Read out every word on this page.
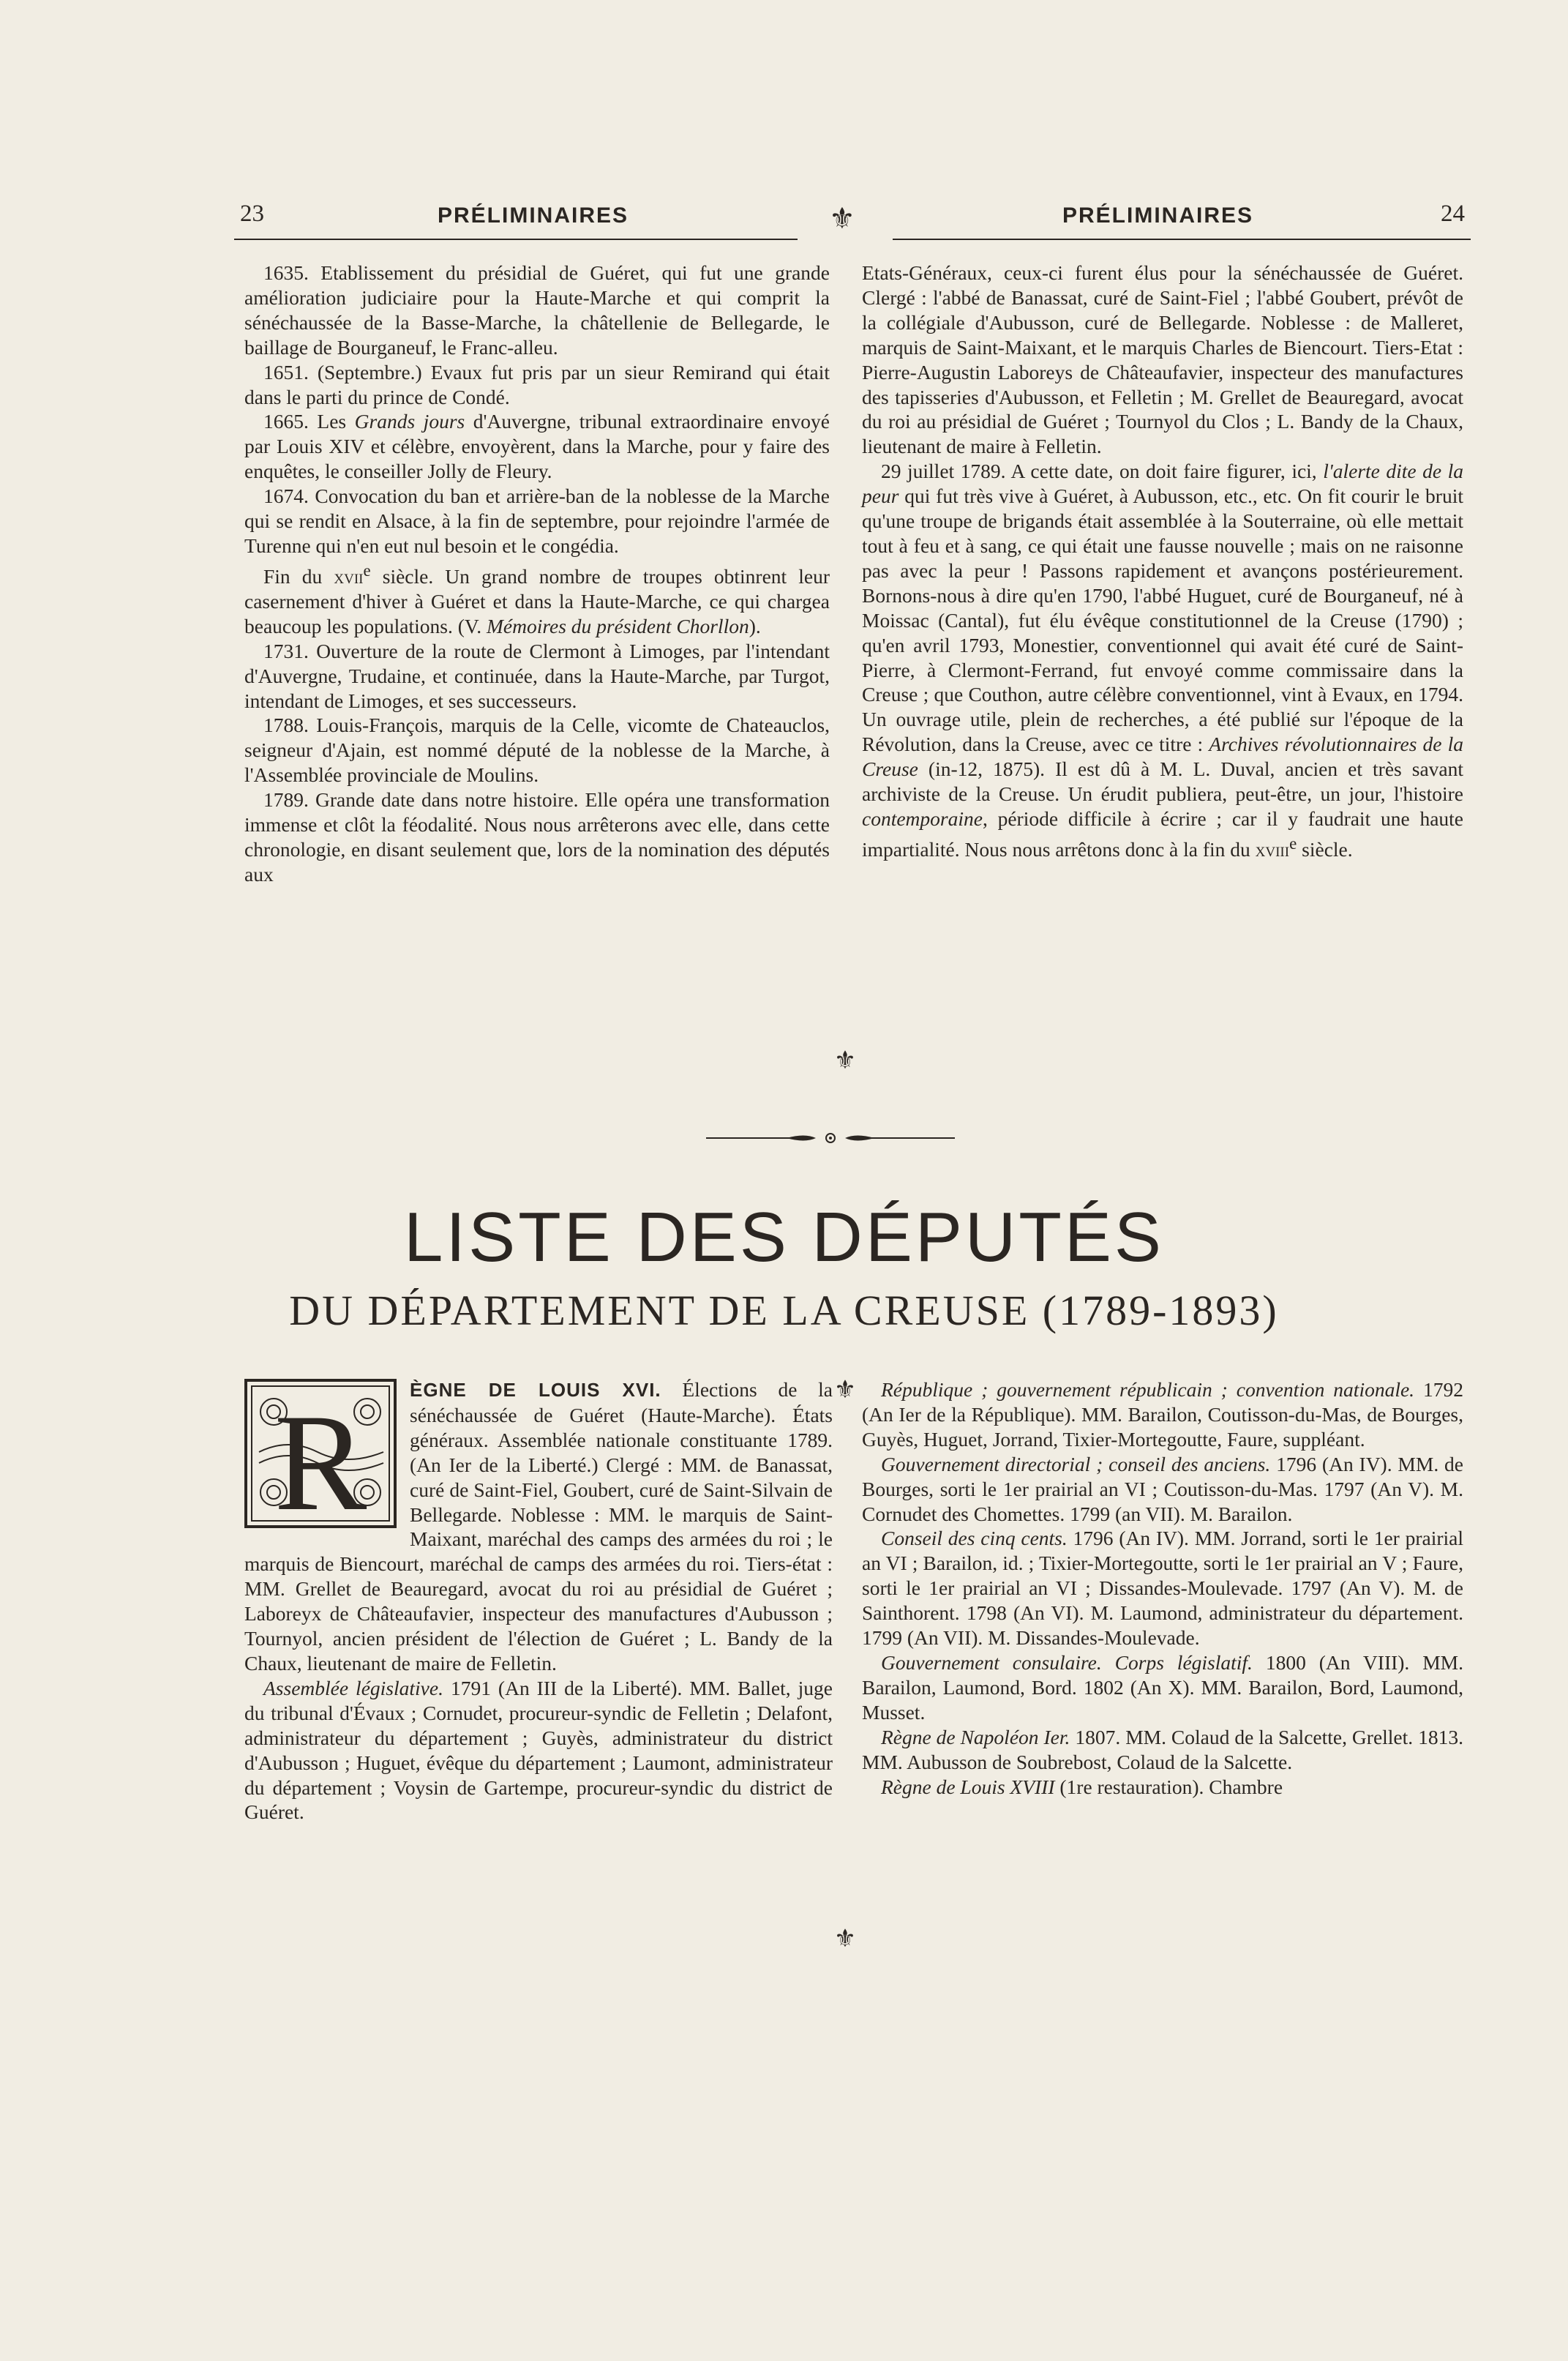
23	PRÉLIMINAIRES	⚜	PRÉLIMINAIRES	24

1635. Etablissement du présidial de Guéret, qui fut une grande amélioration judiciaire pour la Haute-Marche et qui comprit la sénéchaussée de la Basse-Marche, la châtellenie de Bellegarde, le baillage de Bourganeuf, le Franc-alleu.

1651. (Septembre.) Evaux fut pris par un sieur Remirand qui était dans le parti du prince de Condé.

1665. Les Grands jours d'Auvergne, tribunal extraordinaire envoyé par Louis XIV et célèbre, envoyèrent, dans la Marche, pour y faire des enquêtes, le conseiller Jolly de Fleury.

1674. Convocation du ban et arrière-ban de la noblesse de la Marche qui se rendit en Alsace, à la fin de septembre, pour rejoindre l'armée de Turenne qui n'en eut nul besoin et le congédia.

Fin du xvii$^e$ siècle. Un grand nombre de troupes obtinrent leur casernement d'hiver à Guéret et dans la Haute-Marche, ce qui chargea beaucoup les populations. (V. Mémoires du président Chorllon).

1731. Ouverture de la route de Clermont à Limoges, par l'intendant d'Auvergne, Trudaine, et continuée, dans la Haute-Marche, par Turgot, intendant de Limoges, et ses successeurs.

1788. Louis-François, marquis de la Celle, vicomte de Chateauclos, seigneur d'Ajain, est nommé député de la noblesse de la Marche, à l'Assemblée provinciale de Moulins.

1789. Grande date dans notre histoire. Elle opéra une transformation immense et clôt la féodalité. Nous nous arrêterons avec elle, dans cette chronologie, en disant seulement que, lors de la nomination des députés aux

⚜

Etats-Généraux, ceux-ci furent élus pour la sénéchaussée de Guéret. Clergé : l'abbé de Banassat, curé de Saint-Fiel ; l'abbé Goubert, prévôt de la collégiale d'Aubusson, curé de Bellegarde. Noblesse : de Malleret, marquis de Saint-Maixant, et le marquis Charles de Biencourt. Tiers-Etat : Pierre-Augustin Laboreys de Châteaufavier, inspecteur des manufactures des tapisseries d'Aubusson, et Felletin ; M. Grellet de Beauregard, avocat du roi au présidial de Guéret ; Tournyol du Clos ; L. Bandy de la Chaux, lieutenant de maire à Felletin.

29 juillet 1789. A cette date, on doit faire figurer, ici, l'alerte dite de la peur qui fut très vive à Guéret, à Aubusson, etc., etc. On fit courir le bruit qu'une troupe de brigands était assemblée à la Souterraine, où elle mettait tout à feu et à sang, ce qui était une fausse nouvelle ; mais on ne raisonne pas avec la peur ! Passons rapidement et avançons postérieurement. Bornons-nous à dire qu'en 1790, l'abbé Huguet, curé de Bourganeuf, né à Moissac (Cantal), fut élu évêque constitutionnel de la Creuse (1790) ; qu'en avril 1793, Monestier, conventionnel qui avait été curé de Saint-Pierre, à Clermont-Ferrand, fut envoyé comme commissaire dans la Creuse ; que Couthon, autre célèbre conventionnel, vint à Evaux, en 1794. Un ouvrage utile, plein de recherches, a été publié sur l'époque de la Révolution, dans la Creuse, avec ce titre : Archives révolutionnaires de la Creuse (in-12, 1875). Il est dû à M. L. Duval, ancien et très savant archiviste de la Creuse. Un érudit publiera, peut-être, un jour, l'histoire contemporaine, période difficile à écrire ; car il y faudrait une haute impartialité. Nous nous arrêtons donc à la fin du xviii$^e$ siècle.

LISTE DES DÉPUTÉS
DU DÉPARTEMENT DE LA CREUSE (1789-1893)

R ÈGNE DE LOUIS XVI. Élections de la sénéchaussée de Guéret (Haute-Marche). États généraux. Assemblée nationale constituante 1789. (An Ier de la Liberté.) Clergé : MM. de Banassat, curé de Saint-Fiel, Goubert, curé de Saint-Silvain de Bellegarde. Noblesse : MM. le marquis de Saint-Maixant, maréchal des camps des armées du roi ; le marquis de Biencourt, maréchal de camps des armées du roi. Tiers-état : MM. Grellet de Beauregard, avocat du roi au présidial de Guéret ; Laboreyx de Châteaufavier, inspecteur des manufactures d'Aubusson ; Tournyol, ancien président de l'élection de Guéret ; L. Bandy de la Chaux, lieutenant de maire de Felletin.

Assemblée législative. 1791 (An III de la Liberté). MM. Ballet, juge du tribunal d'Évaux ; Cornudet, procureur-syndic de Felletin ; Delafont, administrateur du département ; Guyès, administrateur du district d'Aubusson ; Huguet, évêque du département ; Laumont, administrateur du département ; Voysin de Gartempe, procureur-syndic du district de Guéret.

⚜
⚜

République ; gouvernement républicain ; convention nationale. 1792 (An Ier de la République). MM. Barailon, Coutisson-du-Mas, de Bourges, Guyès, Huguet, Jorrand, Tixier-Mortegoutte, Faure, suppléant.

Gouvernement directorial ; conseil des anciens. 1796 (An IV). MM. de Bourges, sorti le 1er prairial an VI ; Coutisson-du-Mas. 1797 (An V). M. Cornudet des Chomettes. 1799 (an VII). M. Barailon.

Conseil des cinq cents. 1796 (An IV). MM. Jorrand, sorti le 1er prairial an VI ; Barailon, id. ; Tixier-Mortegoutte, sorti le 1er prairial an V ; Faure, sorti le 1er prairial an VI ; Dissandes-Moulevade. 1797 (An V). M. de Sainthorent. 1798 (An VI). M. Laumond, administrateur du département. 1799 (An VII). M. Dissandes-Moulevade.

Gouvernement consulaire. Corps législatif. 1800 (An VIII). MM. Barailon, Laumond, Bord. 1802 (An X). MM. Barailon, Bord, Laumond, Musset.

Règne de Napoléon Ier. 1807. MM. Colaud de la Salcette, Grellet. 1813. MM. Aubusson de Soubrebost, Colaud de la Salcette.

Règne de Louis XVIII (1re restauration). Chambre
